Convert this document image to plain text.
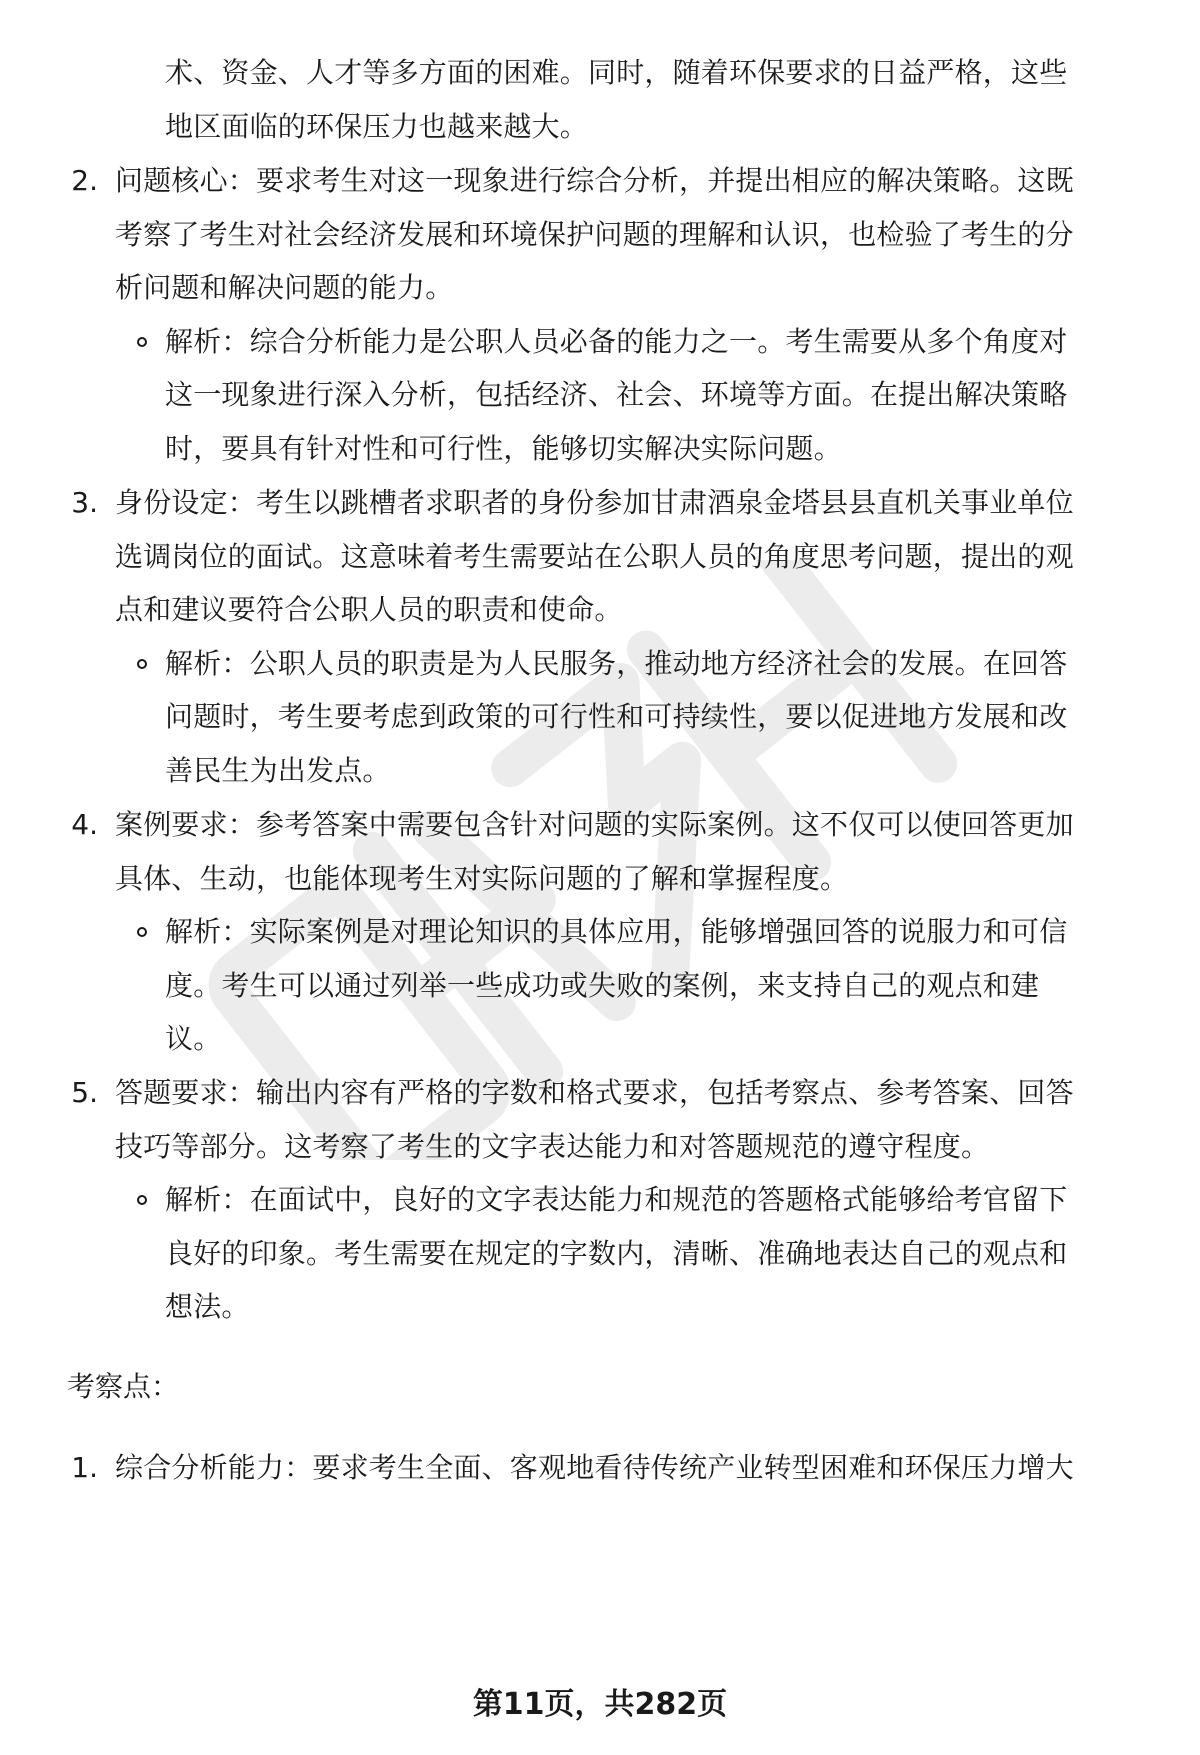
术、资金、人才等多方面的困难。同时，随着环保要求的日益严格，这些
地区面临的环保压力也越来越大。
2. 问题核心：要求考生对这一现象进行综合分析，并提出相应的解决策略。这既
考察了考生对社会经济发展和环境保护问题的理解和认识，也检验了考生的分
析问题和解决问题的能力。
解析：综合分析能力是公职人员必备的能力之一。考生需要从多个角度对
这一现象进行深入分析，包括经济、社会、环境等方面。在提出解决策略
时，要具有针对性和可行性，能够切实解决实际问题。
3. 身份设定：考生以跳槽者求职者的身份参加甘肃酒泉金塔县县直机关事业单位
选调岗位的面试。这意味着考生需要站在公职人员的角度思考问题，提出的观
点和建议要符合公职人员的职责和使命。
解析：公职人员的职责是为人民服务，推动地方经济社会的发展。在回答
问题时，考生要考虑到政策的可行性和可持续性，要以促进地方发展和改
善民生为出发点。
4. 案例要求：参考答案中需要包含针对问题的实际案例。这不仅可以使回答更加
具体、生动，也能体现考生对实际问题的了解和掌握程度。
解析：实际案例是对理论知识的具体应用，能够增强回答的说服力和可信
度。考生可以通过列举一些成功或失败的案例，来支持自己的观点和建
议。
5. 答题要求：输出内容有严格的字数和格式要求，包括考察点、参考答案、回答
技巧等部分。这考察了考生的文字表达能力和对答题规范的遵守程度。
解析：在面试中，良好的文字表达能力和规范的答题格式能够给考官留下
良好的印象。考生需要在规定的字数内，清晰、准确地表达自己的观点和
想法。
考察点：
1. 综合分析能力：要求考生全面、客观地看待传统产业转型困难和环保压力增大
第11页，共282页
